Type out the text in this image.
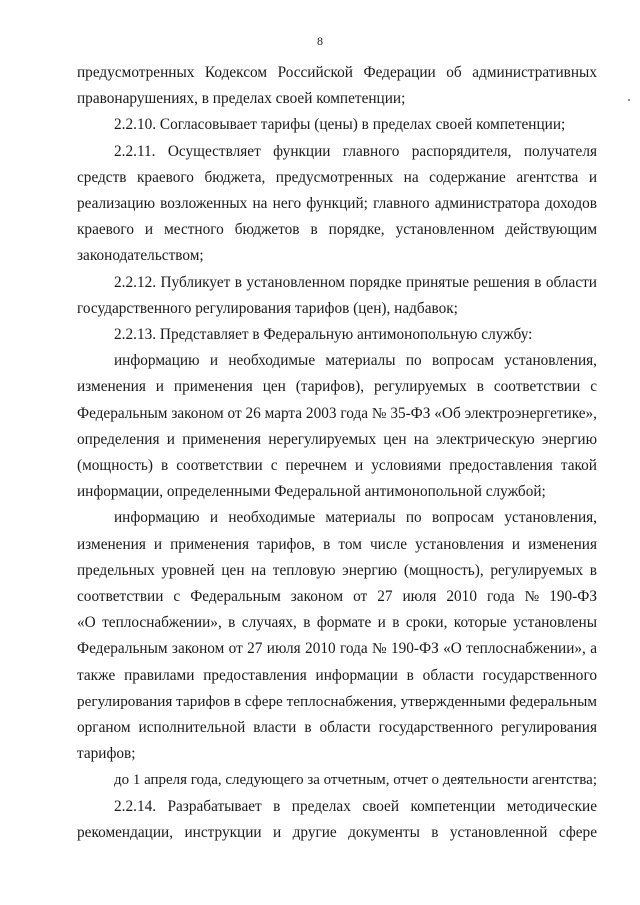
8
предусмотренных Кодексом Российской Федерации об административных
правонарушениях, в пределах своей компетенции;
2.2.10. Согласовывает тарифы (цены) в пределах своей компетенции;
2.2.11. Осуществляет функции главного распорядителя, получателя
средств краевого бюджета, предусмотренных на содержание агентства и
реализацию возложенных на него функций; главного администратора доходов
краевого и местного бюджетов в порядке, установленном действующим
законодательством;
2.2.12. Публикует в установленном порядке принятые решения в области
государственного регулирования тарифов (цен), надбавок;
2.2.13. Представляет в Федеральную антимонопольную службу:
информацию и необходимые материалы по вопросам установления,
изменения и применения цен (тарифов), регулируемых в соответствии с
Федеральным законом от 26 марта 2003 года № 35-ФЗ «Об электроэнергетике»,
определения и применения нерегулируемых цен на электрическую энергию
(мощность) в соответствии с перечнем и условиями предоставления такой
информации, определенными Федеральной антимонопольной службой;
информацию и необходимые материалы по вопросам установления,
изменения и применения тарифов, в том числе установления и изменения
предельных уровней цен на тепловую энергию (мощность), регулируемых в
соответствии с Федеральным законом от 27 июля 2010 года № 190-ФЗ
«О теплоснабжении», в случаях, в формате и в сроки, которые установлены
Федеральным законом от 27 июля 2010 года № 190-ФЗ «О теплоснабжении», а
также правилами предоставления информации в области государственного
регулирования тарифов в сфере теплоснабжения, утвержденными федеральным
органом исполнительной власти в области государственного регулирования
тарифов;
до 1 апреля года, следующего за отчетным, отчет о деятельности агентства;
2.2.14. Разрабатывает в пределах своей компетенции методические
рекомендации, инструкции и другие документы в установленной сфере
